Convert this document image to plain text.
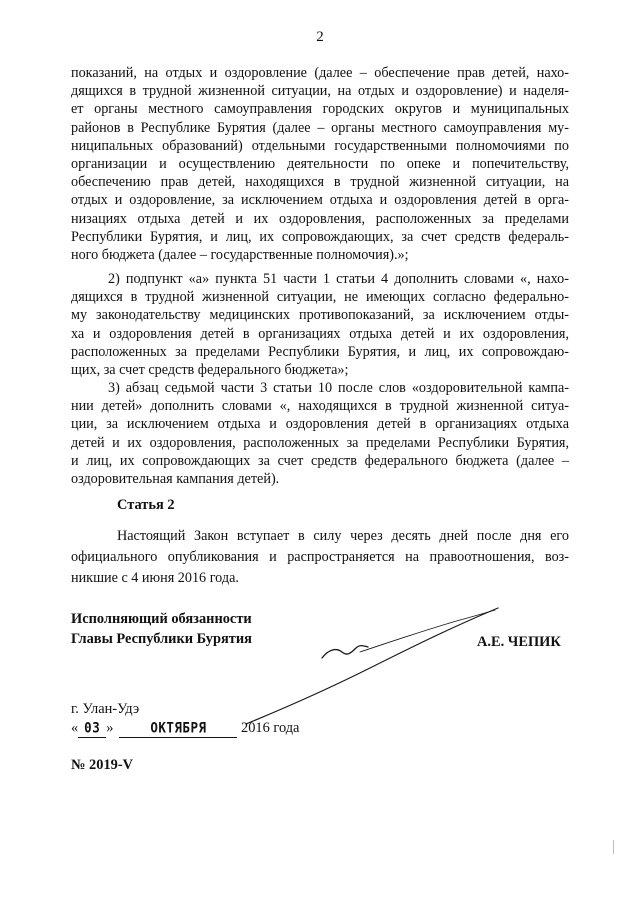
2
показаний, на отдых и оздоровление (далее – обеспечение прав детей, нахо-
дящихся в трудной жизненной ситуации, на отдых и оздоровление) и наделя-
ет органы местного самоуправления городских округов и муниципальных
районов в Республике Бурятия (далее – органы местного самоуправления му-
ниципальных образований) отдельными государственными полномочиями по
организации и осуществлению деятельности по опеке и попечительству,
обеспечению прав детей, находящихся в трудной жизненной ситуации, на
отдых и оздоровление, за исключением отдыха и оздоровления детей в орга-
низациях отдыха детей и их оздоровления, расположенных за пределами
Республики Бурятия, и лиц, их сопровождающих, за счет средств федераль-
ного бюджета (далее – государственные полномочия).»;
2) подпункт «а» пункта 51 части 1 статьи 4 дополнить словами «, нахо-
дящихся в трудной жизненной ситуации, не имеющих согласно федерально-
му законодательству медицинских противопоказаний, за исключением отды-
ха и оздоровления детей в организациях отдыха детей и их оздоровления,
расположенных за пределами Республики Бурятия, и лиц, их сопровождаю-
щих, за счет средств федерального бюджета»;
3) абзац седьмой части 3 статьи 10 после слов «оздоровительной кампа-
нии детей» дополнить словами «, находящихся в трудной жизненной ситуа-
ции, за исключением отдыха и оздоровления детей в организациях отдыха
детей и их оздоровления, расположенных за пределами Республики Бурятия,
и лиц, их сопровождающих за счет средств федерального бюджета (далее –
оздоровительная кампания детей).
Статья 2
Настоящий Закон вступает в силу через десять дней после дня его
официального опубликования и распространяется на правоотношения, воз-
никшие с 4 июня 2016 года.
Исполняющий обязанности
Главы Республики Бурятия	А.Е. ЧЕПИК
г. Улан-Удэ
« 03 »	ОКТЯБРЯ 2016 года
№ 2019-V
